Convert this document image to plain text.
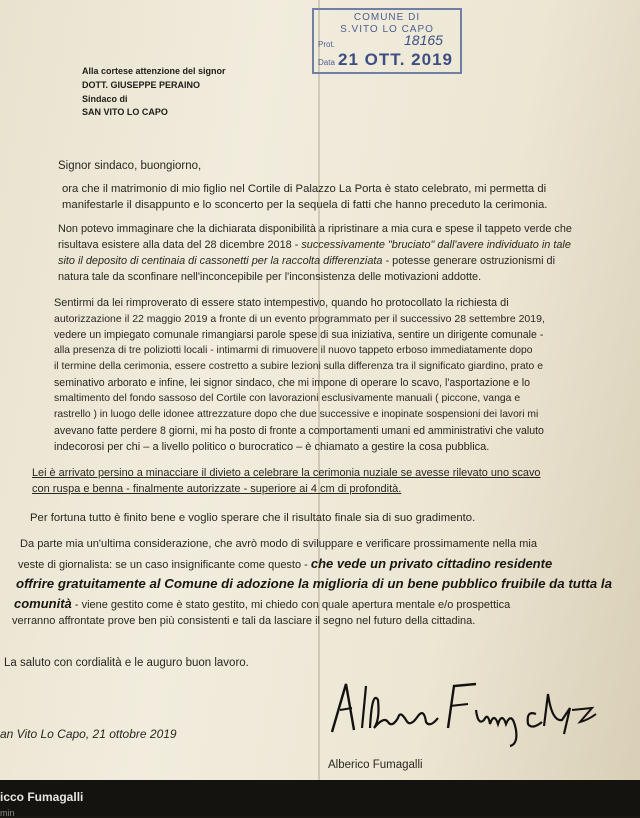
COMUNE DI
S.VITO LO CAPO
Prot.	18165
Data 21 OTT. 2019
Alla cortese attenzione del signor
DOTT. GIUSEPPE PERAINO
Sindaco di
SAN VITO LO CAPO
Signor sindaco, buongiorno,
ora che il matrimonio di mio figlio nel Cortile di Palazzo La Porta è stato celebrato, mi permetta di
manifestarle il disappunto e lo sconcerto per la sequela di fatti che hanno preceduto la cerimonia.
Non potevo immaginare che la dichiarata disponibilità a ripristinare a mia cura e spese il tappeto verde che
risultava esistere alla data del 28 dicembre 2018 - successivamente "bruciato" dall'avere individuato in tale
sito il deposito di centinaia di cassonetti per la raccolta differenziata - potesse generare ostruzionismi di
natura tale da sconfinare nell'inconcepibile per l'inconsistenza delle motivazioni addotte.
Sentirmi da lei rimproverato di essere stato intempestivo, quando ho protocollato la richiesta di
autorizzazione il 22 maggio 2019 a fronte di un evento programmato per il successivo 28 settembre 2019,
vedere un impiegato comunale rimangiarsi parole spese di sua iniziativa, sentire un dirigente comunale -
alla presenza di tre poliziotti locali - intimarmi di rimuovere il nuovo tappeto erboso immediatamente dopo
il termine della cerimonia, essere costretto a subire lezioni sulla differenza tra il significato giardino, prato e
seminativo arborato e infine, lei signor sindaco, che mi impone di operare lo scavo, l'asportazione e lo
smaltimento del fondo sassoso del Cortile con lavorazioni esclusivamente manuali ( piccone, vanga e
rastrello ) in luogo delle idonee attrezzature dopo che due successive e inopinate sospensioni dei lavori mi
avevano fatte perdere 8 giorni, mi ha posto di fronte a comportamenti umani ed amministrativi che valuto
indecorosi per chi – a livello politico o burocratico – è chiamato a gestire la cosa pubblica.
Lei è arrivato persino a minacciare il divieto a celebrare la cerimonia nuziale se avesse rilevato uno scavo
con ruspa e benna - finalmente autorizzate - superiore ai 4 cm di profondità.
Per fortuna tutto è finito bene e voglio sperare che il risultato finale sia di suo gradimento.
Da parte mia un'ultima considerazione, che avrò modo di sviluppare e verificare prossimamente nella mia
veste di giornalista: se un caso insignificante come questo - che vede un privato cittadino residente
offrire gratuitamente al Comune di adozione la miglioria di un bene pubblico fruibile da tutta la
comunità - viene gestito come è stato gestito, mi chiedo con quale apertura mentale e/o prospettica
verranno affrontate prove ben più consistenti e tali da lasciare il segno nel futuro della cittadina.
La saluto con cordialità e le auguro buon lavoro.
an Vito Lo Capo, 21 ottobre 2019
Alberico Fumagalli
icco Fumagalli
min
